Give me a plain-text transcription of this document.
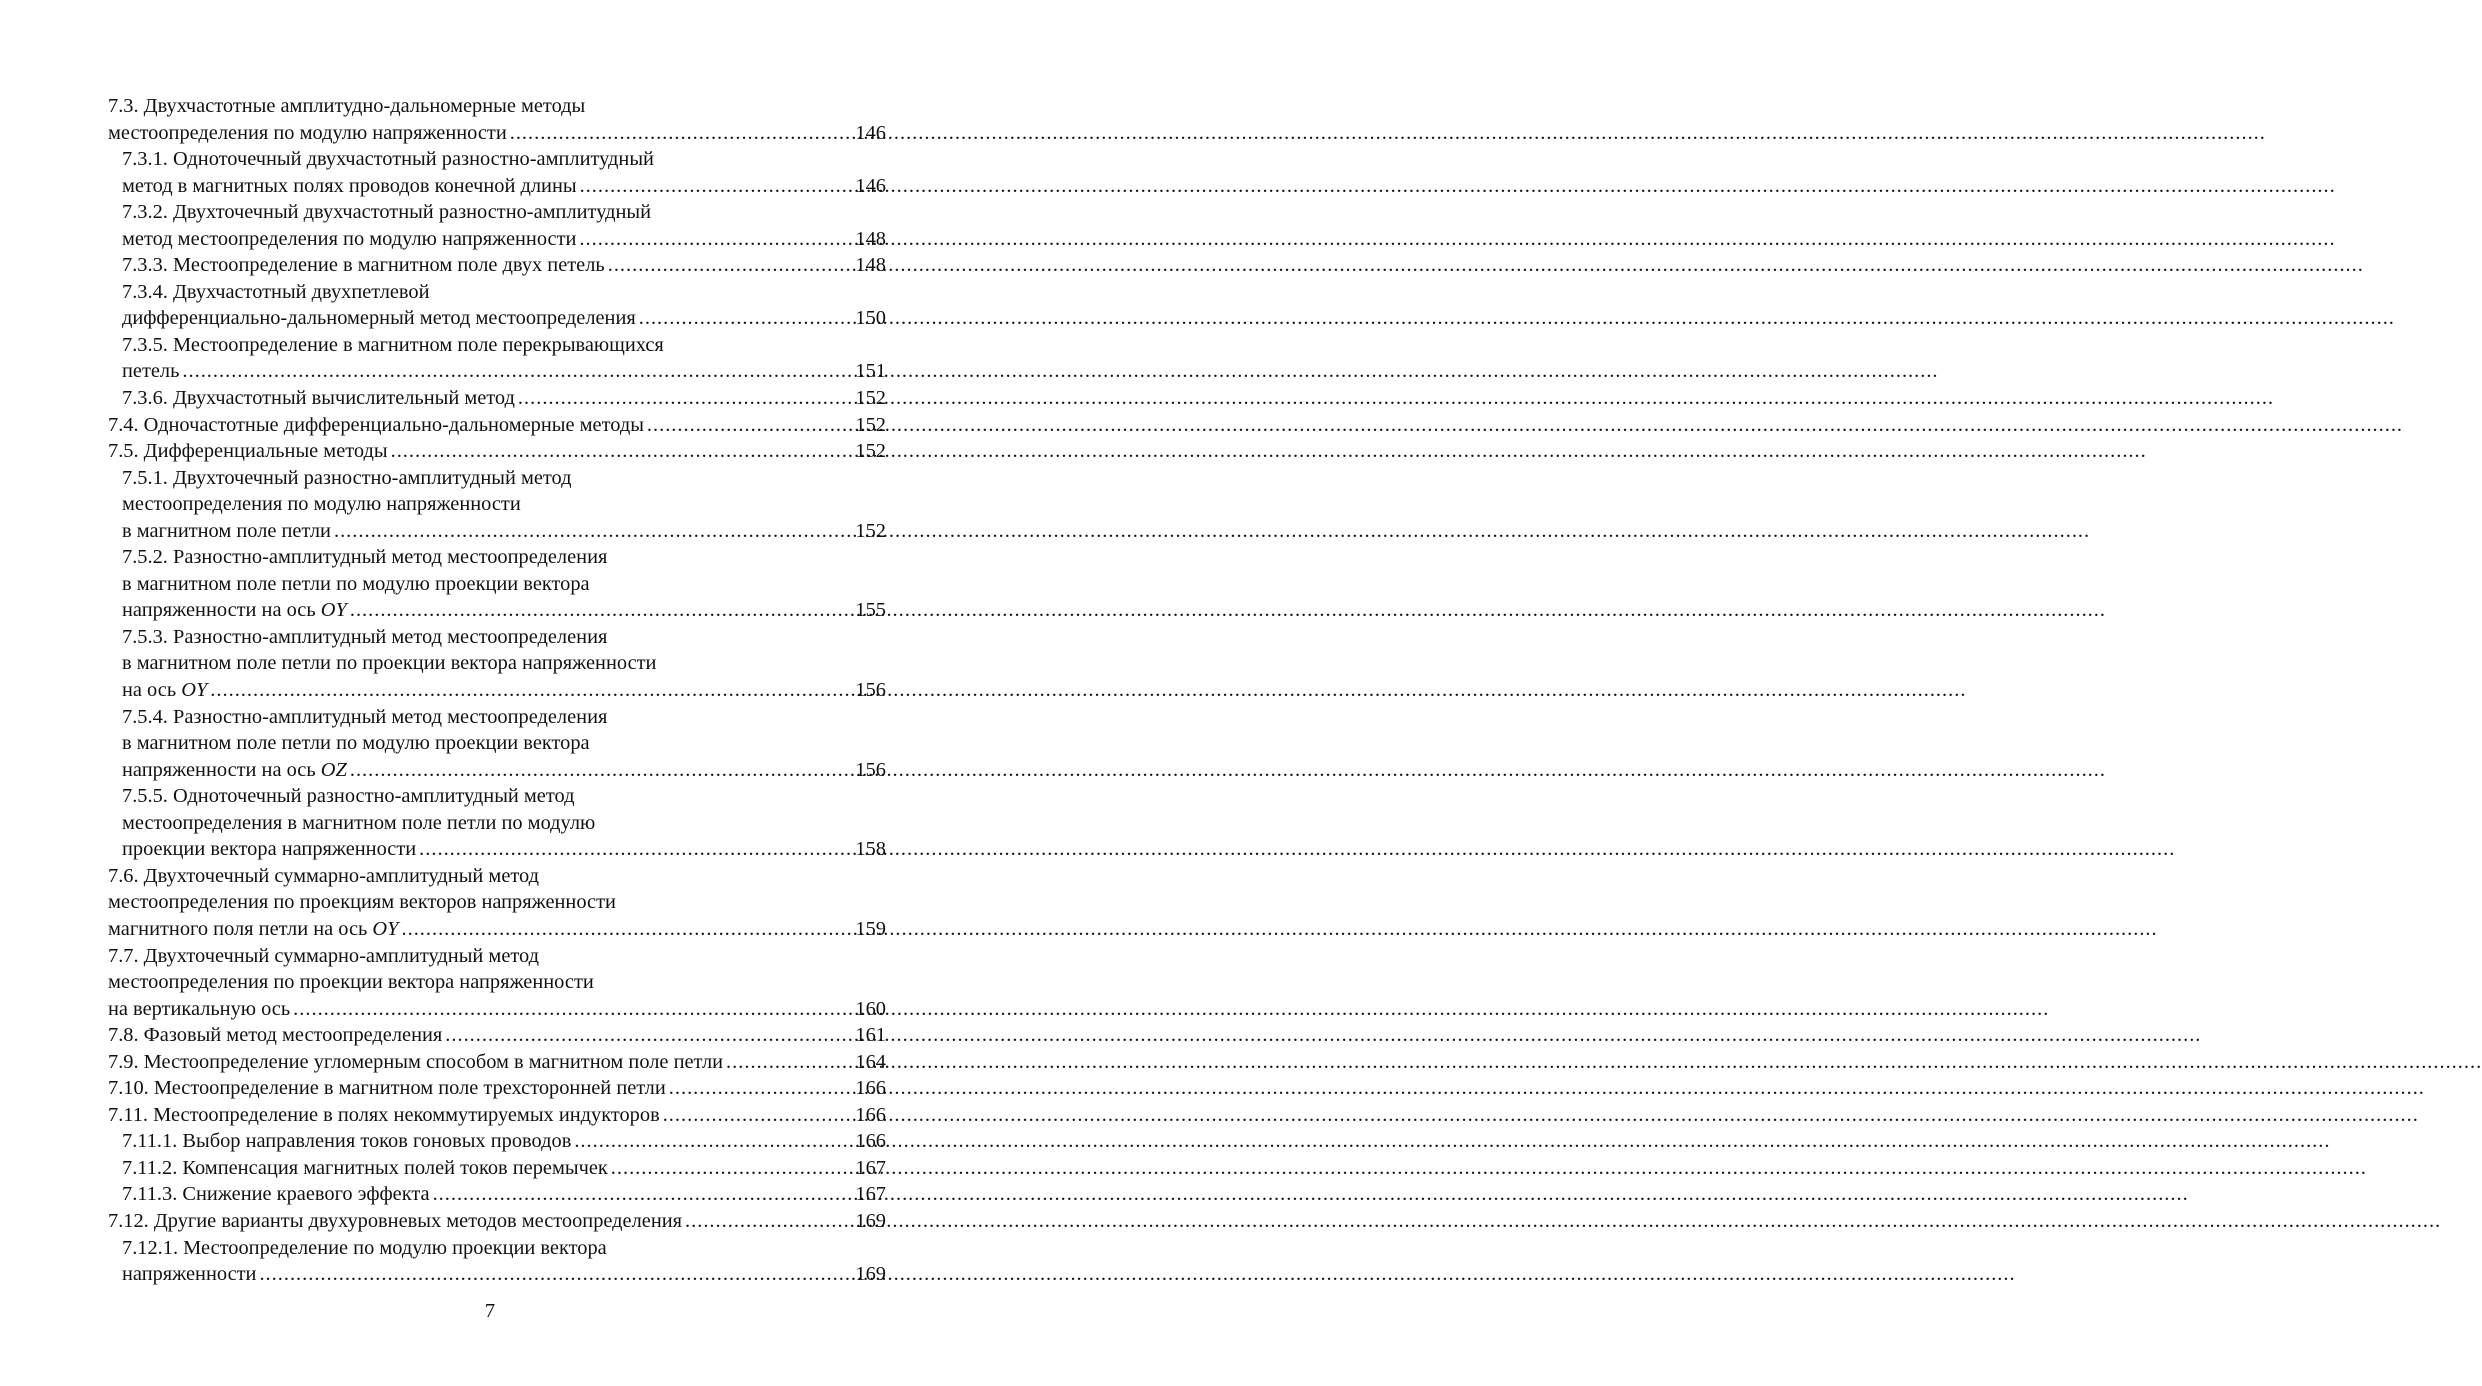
7.3. Двухчастотные амплитудно-дальномерные методы
местоопределения по модулю напряженности .....	146
7.3.1. Одноточечный двухчастотный разностно-амплитудный
метод в магнитных полях проводов конечной длины .....	146
7.3.2. Двухточечный двухчастотный разностно-амплитудный
метод местоопределения по модулю напряженности .....	148
7.3.3. Местоопределение в магнитном поле двух петель .....	148
7.3.4. Двухчастотный двухпетлевой
дифференциально-дальномерный метод местоопределения .....	150
7.3.5. Местоопределение в магнитном поле перекрывающихся
петель .....	151
7.3.6. Двухчастотный вычислительный метод .....	152
7.4. Одночастотные дифференциально-дальномерные методы .....	152
7.5. Дифференциальные методы .....	152
7.5.1. Двухточечный разностно-амплитудный метод
местоопределения по модулю напряженности
в магнитном поле петли .....	152
7.5.2. Разностно-амплитудный метод местоопределения
в магнитном поле петли по модулю проекции вектора
напряженности на ось OY .....	155
7.5.3. Разностно-амплитудный метод местоопределения
в магнитном поле петли по проекции вектора напряженности
на ось OY .....	156
7.5.4. Разностно-амплитудный метод местоопределения
в магнитном поле петли по модулю проекции вектора
напряженности на ось OZ .....	156
7.5.5. Одноточечный разностно-амплитудный метод
местоопределения в магнитном поле петли по модулю
проекции вектора напряженности .....	158
7.6. Двухточечный суммарно-амплитудный метод
местоопределения по проекциям векторов напряженности
магнитного поля петли на ось OY .....	159
7.7. Двухточечный суммарно-амплитудный метод
местоопределения по проекции вектора напряженности
на вертикальную ось .....	160
7.8. Фазовый метод местоопределения .....	161
7.9. Местоопределение угломерным способом в магнитном поле петли .....	164
7.10. Местоопределение в магнитном поле трехсторонней петли .....	166
7.11. Местоопределение в полях некоммутируемых индукторов .....	166
7.11.1. Выбор направления токов гоновых проводов .....	166
7.11.2. Компенсация магнитных полей токов перемычек .....	167
7.11.3. Снижение краевого эффекта .....	167
7.12. Другие варианты двухуровневых методов местоопределения .....	169
7.12.1. Местоопределение по модулю проекции вектора
напряженности .....	169
7
